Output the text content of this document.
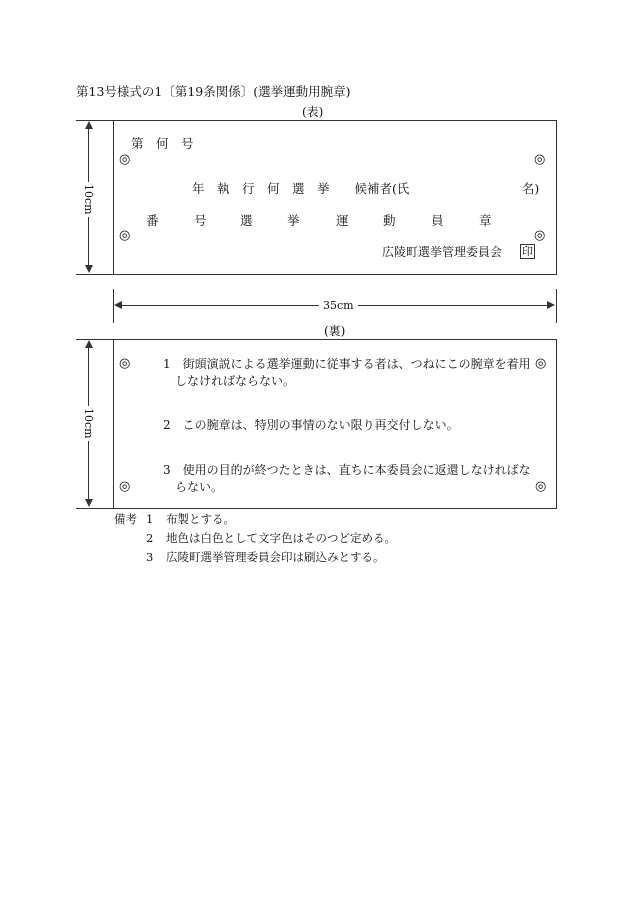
第13号様式の1〔第19条関係〕(選挙運動用腕章)
(表)
10cm
第　何　号
◎	◎
年　執　行　何　選　挙　　候補者(氏　　　　　　　　　名)
番	号	選	挙	運	動	員	章
◎	◎
広陵町選挙管理委員会 印
35cm
(裏)
10cm
◎	◎
1　街頭演説による選挙運動に従事する者は、つねにこの腕章を着用
しなければならない。
2　この腕章は、特別の事情のない限り再交付しない。
3　使用の目的が終つたときは、直ちに本委員会に返還しなければな
らない。
◎	◎
備考 1 布製とする。
2 地色は白色として文字色はそのつど定める。
3 広陵町選挙管理委員会印は刷込みとする。
